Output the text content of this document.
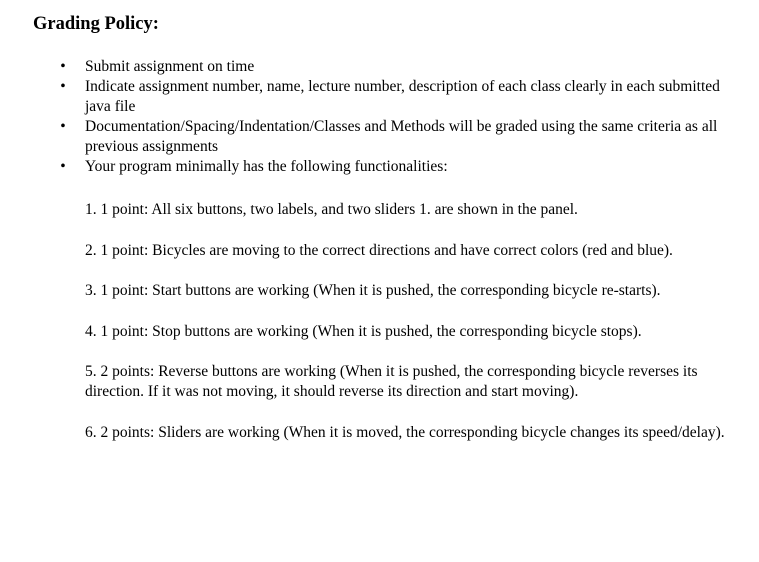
Grading Policy:
• Submit assignment on time
• Indicate assignment number, name, lecture number, description of each class clearly in each submitted java file
• Documentation/Spacing/Indentation/Classes and Methods will be graded using the same criteria as all previous assignments
• Your program minimally has the following functionalities:
1. 1 point: All six buttons, two labels, and two sliders 1. are shown in the panel.
2. 1 point: Bicycles are moving to the correct directions and have correct colors (red and blue).
3. 1 point: Start buttons are working (When it is pushed, the corresponding bicycle re-starts).
4. 1 point: Stop buttons are working (When it is pushed, the corresponding bicycle stops).
5. 2 points: Reverse buttons are working (When it is pushed, the corresponding bicycle reverses its direction. If it was not moving, it should reverse its direction and start moving).
6. 2 points: Sliders are working (When it is moved, the corresponding bicycle changes its speed/delay).
